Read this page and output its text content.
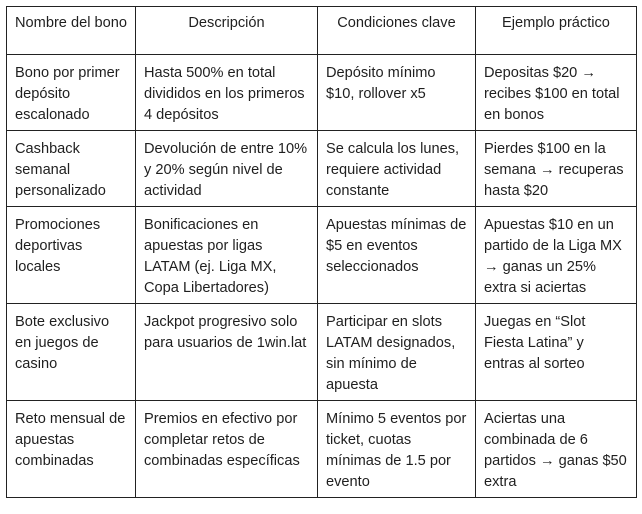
Nombre del bono	Descripción	Condiciones clave	Ejemplo práctico
Bono por primer depósito escalonado	Hasta 500% en total divididos en los primeros 4 depósitos	Depósito mínimo $10, rollover x5	Depositas $20 → recibes $100 en total en bonos
Cashback semanal personalizado	Devolución de entre 10% y 20% según nivel de actividad	Se calcula los lunes, requiere actividad constante	Pierdes $100 en la semana → recuperas hasta $20
Promociones deportivas locales	Bonificaciones en apuestas por ligas LATAM (ej. Liga MX, Copa Libertadores)	Apuestas mínimas de $5 en eventos seleccionados	Apuestas $10 en un partido de la Liga MX → ganas un 25% extra si aciertas
Bote exclusivo en juegos de casino	Jackpot progresivo solo para usuarios de 1win.lat	Participar en slots LATAM designados, sin mínimo de apuesta	Juegas en “Slot Fiesta Latina” y entras al sorteo
Reto mensual de apuestas combinadas	Premios en efectivo por completar retos de combinadas específicas	Mínimo 5 eventos por ticket, cuotas mínimas de 1.5 por evento	Aciertas una combinada de 6 partidos → ganas $50 extra
